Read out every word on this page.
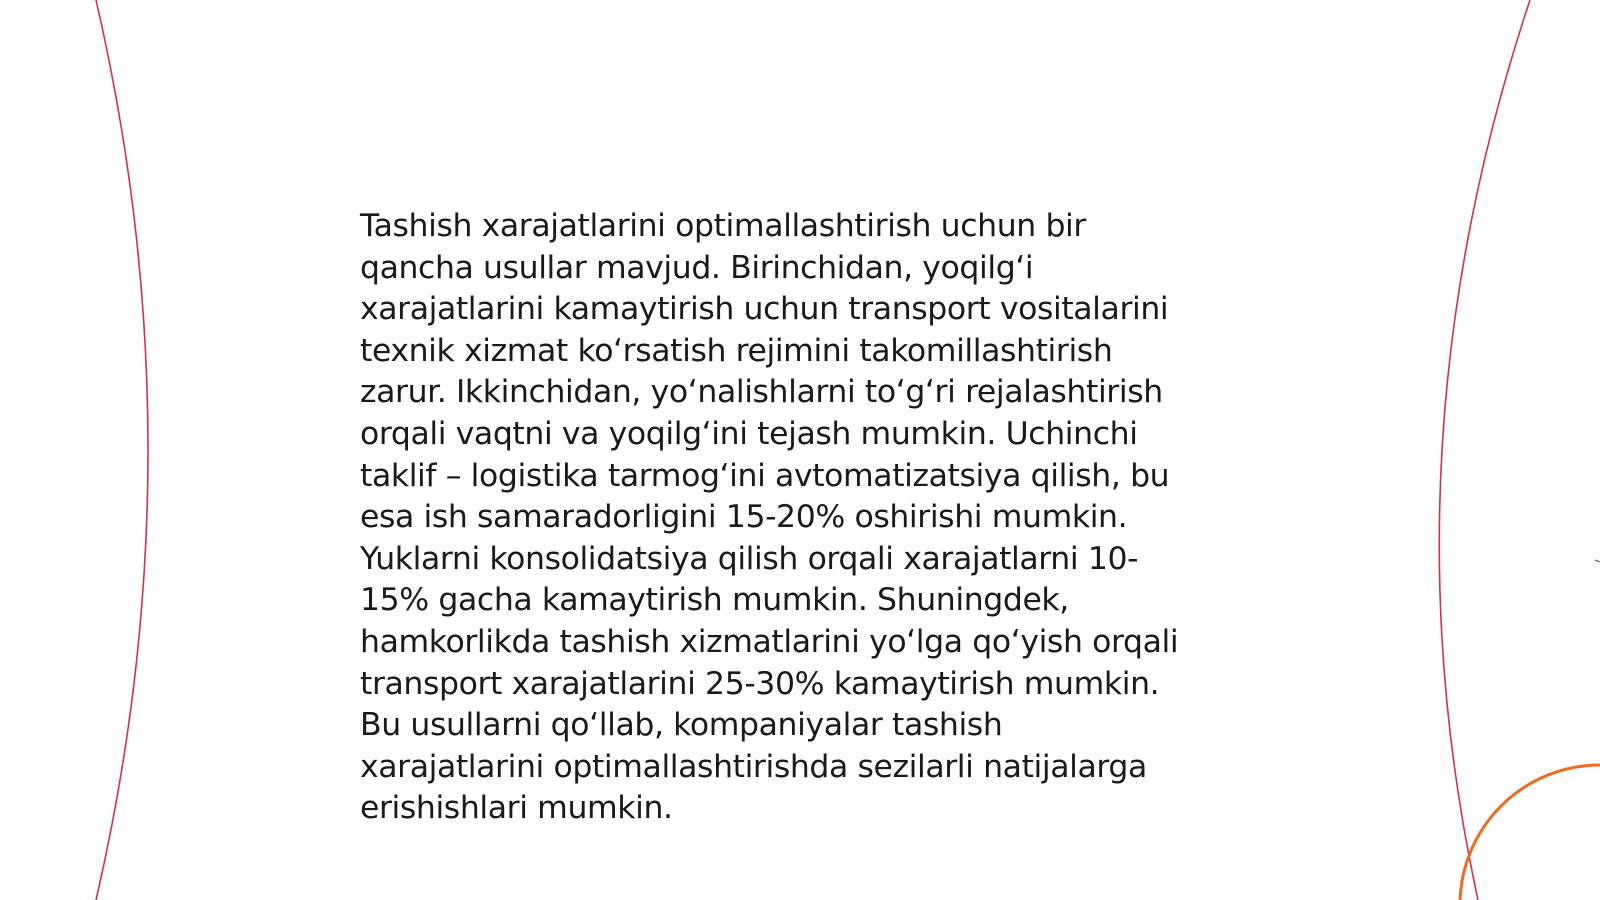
Tashish xarajatlarini optimallashtirish uchun bir
qancha usullar mavjud. Birinchidan, yoqilg‘i
xarajatlarini kamaytirish uchun transport vositalarini
texnik xizmat ko‘rsatish rejimini takomillashtirish
zarur. Ikkinchidan, yo‘nalishlarni to‘g‘ri rejalashtirish
orqali vaqtni va yoqilg‘ini tejash mumkin. Uchinchi
taklif – logistika tarmog‘ini avtomatizatsiya qilish, bu
esa ish samaradorligini 15-20% oshirishi mumkin.
Yuklarni konsolidatsiya qilish orqali xarajatlarni 10-
15% gacha kamaytirish mumkin. Shuningdek,
hamkorlikda tashish xizmatlarini yo‘lga qo‘yish orqali
transport xarajatlarini 25-30% kamaytirish mumkin.
Bu usullarni qo‘llab, kompaniyalar tashish
xarajatlarini optimallashtirishda sezilarli natijalarga
erishishlari mumkin.
